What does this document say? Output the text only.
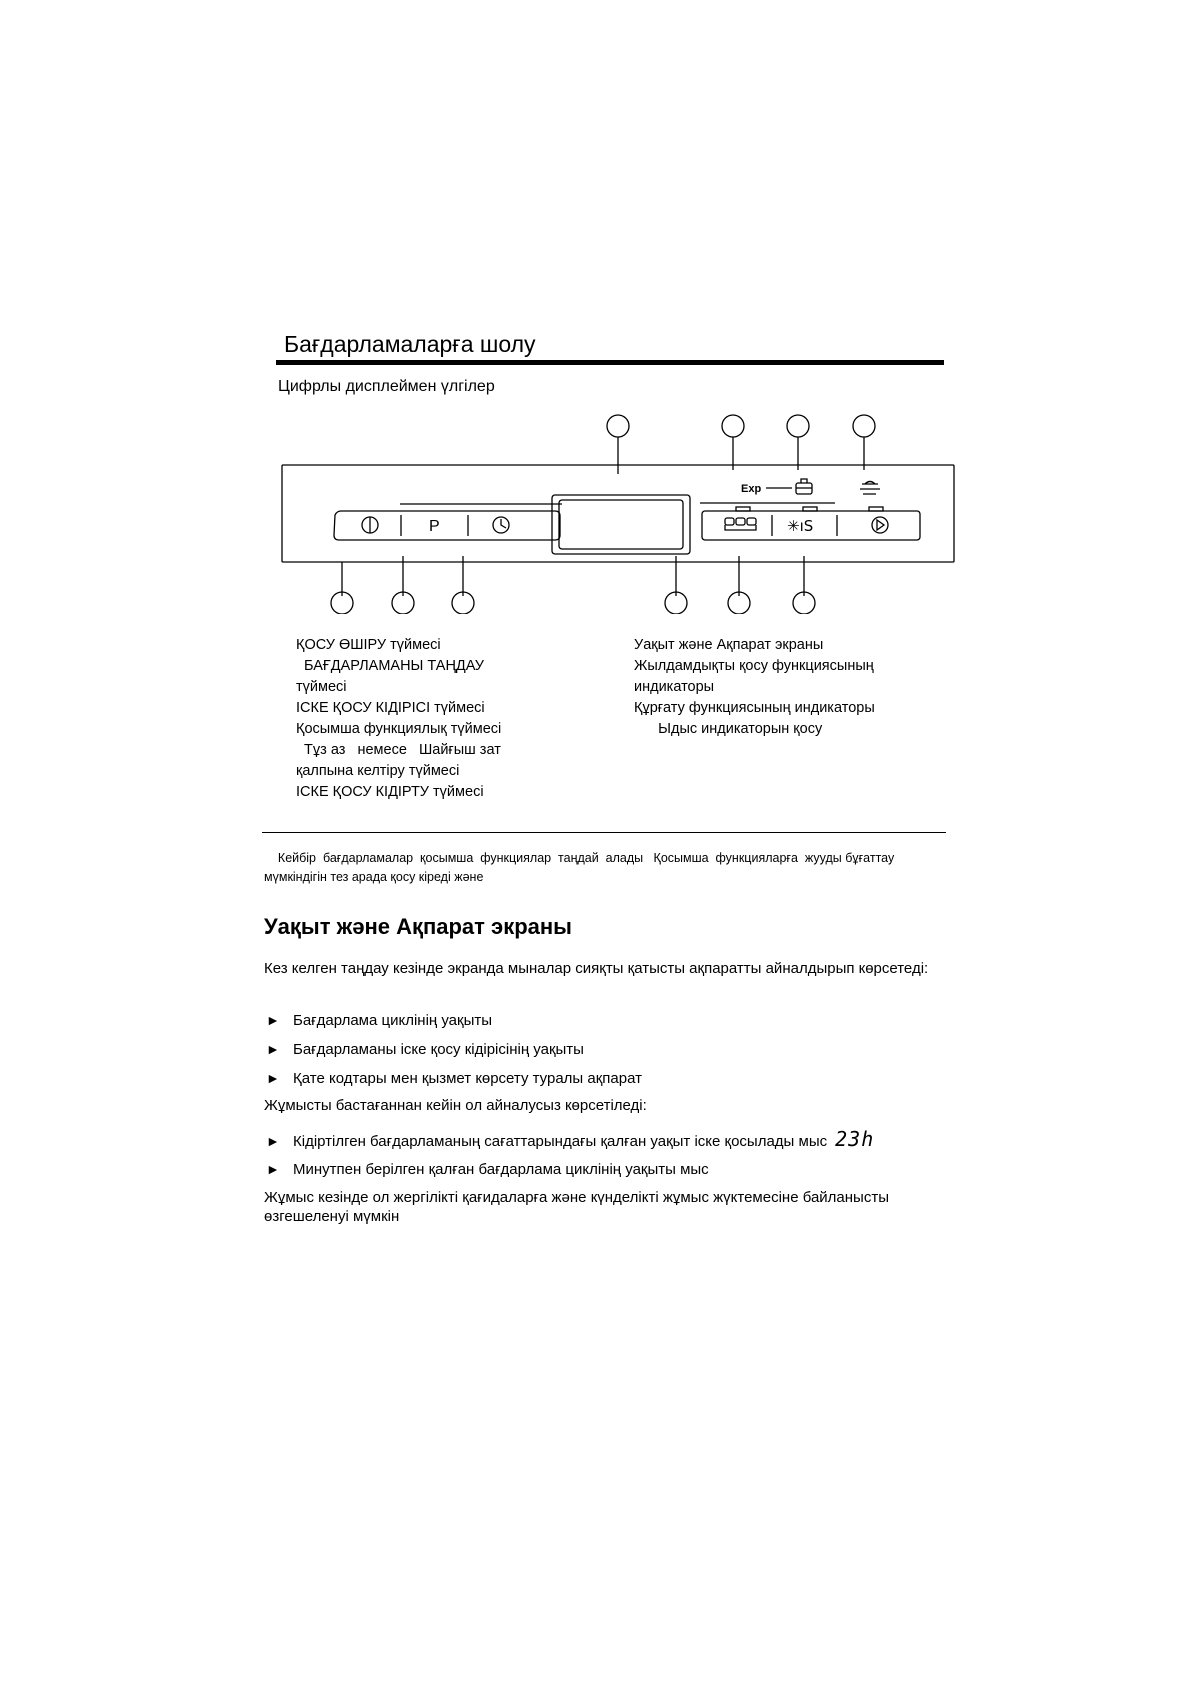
Бағдарламаларға шолу
Цифрлы дисплеймен үлгілер
Exp
P	✳ıS
ҚОСУ ӨШІРУ түймесі
БАҒДАРЛАМАНЫ ТАҢДАУ
түймесі
ІСКЕ ҚОСУ КІДІРІСІ түймесі
Қосымша функциялық түймесі
Тұз аз   немесе   Шайғыш зат
қалпына келтіру түймесі
ІСКЕ ҚОСУ КІДІРТУ түймесі
Уақыт және Ақпарат экраны
Жылдамдықты қосу функциясының
индикаторы
Құрғату функциясының индикаторы
Ыдыс индикаторын қосу
Кейбір  бағдарламалар  қосымша  функциялар  таңдай  алады   Қосымша  функцияларға  жууды бұғаттау мүмкіндігін тез арада қосу кіреді және
Уақыт және Ақпарат экраны
Кез келген таңдау кезінде экранда мыналар сияқты қатысты ақпаратты айналдырып көрсетеді:
► Бағдарлама циклінің уақыты
► Бағдарламаны іске қосу кідірісінің уақыты
► Қате кодтары мен қызмет көрсету туралы ақпарат
Жұмысты бастағаннан кейін ол айналусыз көрсетіледі:
► Кідіртілген бағдарламаның сағаттарындағы қалған уақыт іске қосылады мыс 23h
► Минутпен берілген қалған бағдарлама циклінің уақыты мыс
Жұмыс кезінде ол жергілікті қағидаларға және күнделікті жұмыс жүктемесіне байланысты өзгешеленуі мүмкін
